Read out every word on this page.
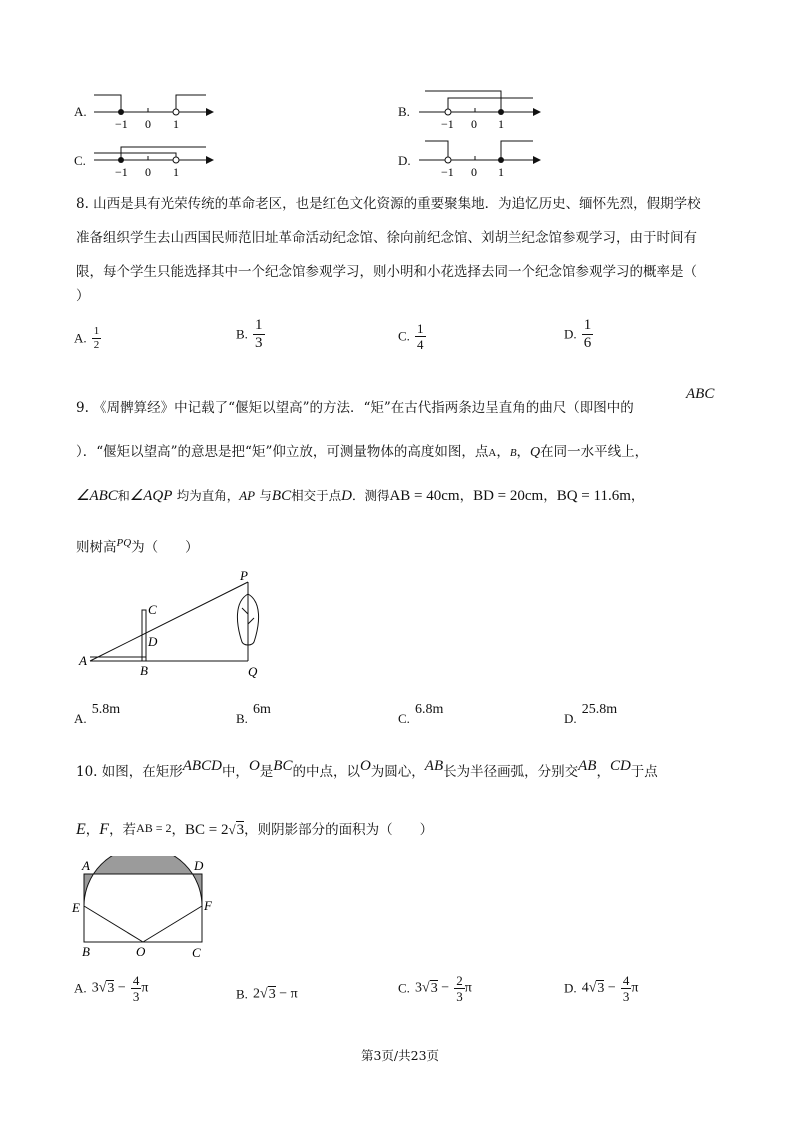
A.
−1 0 1
B.
−1 0 1
C.
−1 0 1
D.
−1 0 1
8. 山西是具有光荣传统的革命老区，也是红色文化资源的重要聚集地．为追忆历史、缅怀先烈，假期学校
准备组织学生去山西国民师范旧址革命活动纪念馆、徐向前纪念馆、刘胡兰纪念馆参观学习，由于时间有
限，每个学生只能选择其中一个纪念馆参观学习，则小明和小花选择去同一个纪念馆参观学习的概率是（
）
A. $\frac{1}{2}$	B. $\frac{1}{3}$	C. $\frac{1}{4}$	D. $\frac{1}{6}$
9. 《周髀算经》中记载了“偃矩以望高”的方法．“矩”在古代指两条边呈直角的曲尺（即图中的
ABC
）．“偃矩以望高”的意思是把“矩”仰立放，可测量物体的高度如图，点A，B，Q在同一水平线上，
∠ABC和∠AQP 均为直角，AP 与BC相交于点D．测得AB = 40cm，BD = 20cm，BQ = 11.6m，
则树高$^{PQ}$为（　　）
P
C
D
A
B	Q
$_{A.}$ 5.8m
$_{B.}$ 6m
$_{C.}$ 6.8m
$_{D.}$ 25.8m
10. 如图，在矩形ABCD中，O是BC的中点，以O为圆心，AB长为半径画弧，分别交AB，CD于点
E，F，若AB = 2，BC = 2√3，则阴影部分的面积为（　　）
A	D
E	F
B	O	C
A. $3√3 - \frac{4}{3}$ π	B. 2√3 − π	C. $3√3 - \frac{2}{3}$ π	D. $4√3 - \frac{4}{3}$ π
第3页/共23页
